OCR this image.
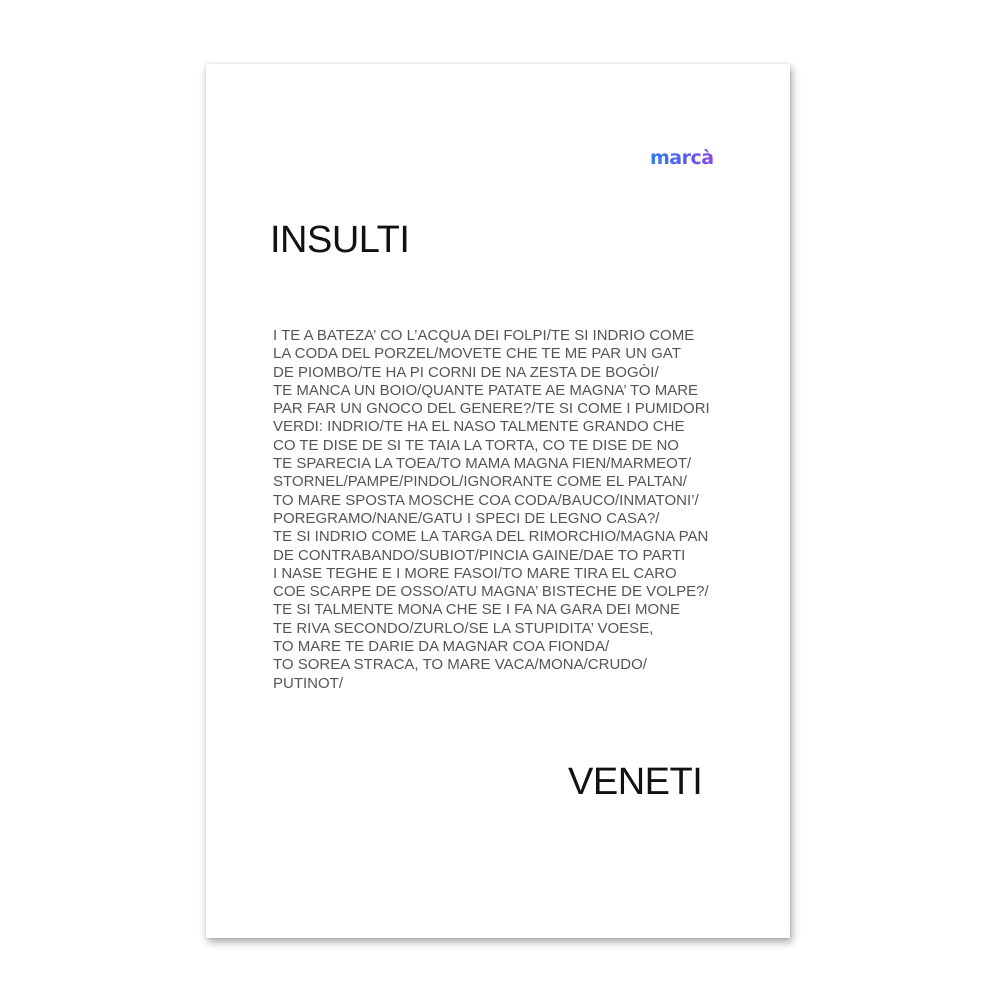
marcà
INSULTI
I TE A BATEZA’ CO L’ACQUA DEI FOLPI/TE SI INDRIO COME
LA CODA DEL PORZEL/MOVETE CHE TE ME PAR UN GAT
DE PIOMBO/TE HA PI CORNI DE NA ZESTA DE BOGÒI/
TE MANCA UN BOIO/QUANTE PATATE AE MAGNA’ TO MARE
PAR FAR UN GNOCO DEL GENERE?/TE SI COME I PUMIDORI
VERDI: INDRIO/TE HA EL NASO TALMENTE GRANDO CHE
CO TE DISE DE SI TE TAIA LA TORTA, CO TE DISE DE NO
TE SPARECIA LA TOEA/TO MAMA MAGNA FIEN/MARMEOT/
STORNEL/PAMPE/PINDOL/IGNORANTE COME EL PALTAN/
TO MARE SPOSTA MOSCHE COA CODA/BAUCO/INMATONI’/
POREGRAMO/NANE/GATU I SPECI DE LEGNO CASA?/
TE SI INDRIO COME LA TARGA DEL RIMORCHIO/MAGNA PAN
DE CONTRABANDO/SUBIOT/PINCIA GAINE/DAE TO PARTI
I NASE TEGHE E I MORE FASOI/TO MARE TIRA EL CARO
COE SCARPE DE OSSO/ATU MAGNA’ BISTECHE DE VOLPE?/
TE SI TALMENTE MONA CHE SE I FA NA GARA DEI MONE
TE RIVA SECONDO/ZURLO/SE LA STUPIDITA’ VOESE,
TO MARE TE DARIE DA MAGNAR COA FIONDA/
TO SOREA STRACA, TO MARE VACA/MONA/CRUDO/
PUTINOT/
VENETI
